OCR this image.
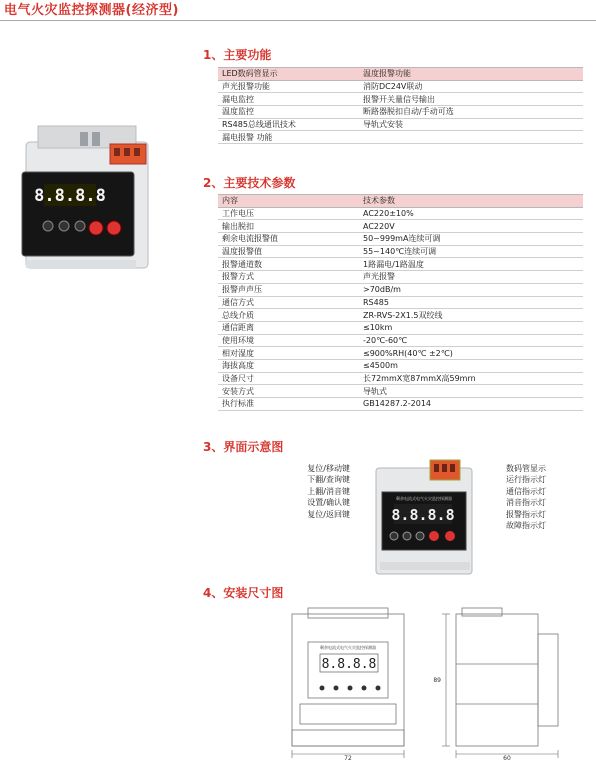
电气火灾监控探测器(经济型)
1、主要功能
2、主要技术参数
3、界面示意图
4、安装尺寸图
LED数码管显示	温度报警功能
声光报警功能	消防DC24V联动
漏电监控	报警开关量信号输出
温度监控	断路器脱扣自动/手动可选
RS485总线通讯技术	导轨式安装
漏电报警 功能	
内容	技术参数
工作电压	AC220±10%
输出脱扣	AC220V
剩余电流报警值	50~999mA连续可调
温度报警值	55~140℃连续可调
报警通道数	1路漏电/1路温度
报警方式	声光报警
报警声声压	>70dB/m
通信方式	RS485
总线介质	ZR-RVS-2X1.5双绞线
通信距离	≤10km
使用环境	-20℃-60℃
相对湿度	≤900%RH(40℃ ±2℃)
海拔高度	≤4500m
设备尺寸	长72mmX宽87mmX高59mrn
安装方式	导轨式
执行标准	GB14287.2-2014
8.8.8.8
复位/移动键
下翻/查询键
上翻/消音键
设置/确认键
复位/返回键
剩余电流式电气火灾监控探测器
8.8.8.8
数码管显示
运行指示灯
通信指示灯
消音指示灯
报警指示灯
故障指示灯
剩余电流式电气火灾监控探测器
8.8.8.8
72
89
60
